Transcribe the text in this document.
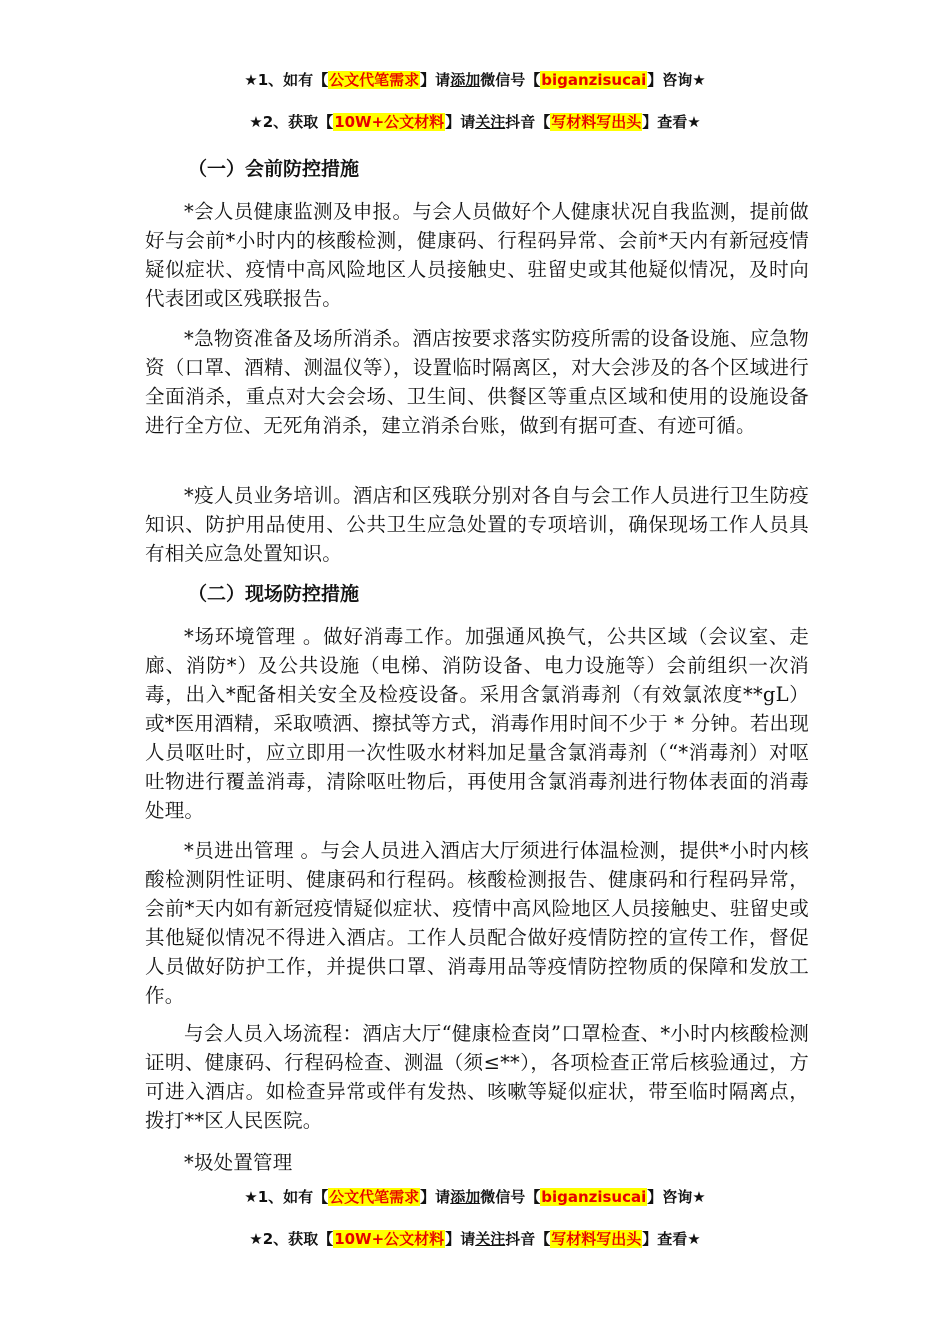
★1、如有【公文代笔需求】请添加微信号【biganzisucai】咨询★
★2、获取【10W+公文材料】请关注抖音【写材料写出头】查看★
（一）会前防控措施

*会人员健康监测及申报。与会人员做好个人健康状况自我监测，提前做好与会前*小时内的核酸检测，健康码、行程码异常、会前*天内有新冠疫情疑似症状、疫情中高风险地区人员接触史、驻留史或其他疑似情况，及时向代表团或区残联报告。

*急物资准备及场所消杀。酒店按要求落实防疫所需的设备设施、应急物资（口罩、酒精、测温仪等），设置临时隔离区，对大会涉及的各个区域进行全面消杀，重点对大会会场、卫生间、供餐区等重点区域和使用的设施设备进行全方位、无死角消杀，建立消杀台账，做到有据可查、有迹可循。

*疫人员业务培训。酒店和区残联分别对各自与会工作人员进行卫生防疫知识、防护用品使用、公共卫生应急处置的专项培训，确保现场工作人员具有相关应急处置知识。

（二）现场防控措施

*场环境管理 。做好消毒工作。加强通风换气，公共区域（会议室、走廊、消防*）及公共设施（电梯、消防设备、电力设施等）会前组织一次消毒，出入*配备相关安全及检疫设备。采用含氯消毒剂（有效氯浓度**gL）或*医用酒精，采取喷洒、擦拭等方式，消毒作用时间不少于 * 分钟。若出现人员呕吐时，应立即用一次性吸水材料加足量含氯消毒剂（“*消毒剂）对呕吐物进行覆盖消毒，清除呕吐物后，再使用含氯消毒剂进行物体表面的消毒处理。

*员进出管理 。与会人员进入酒店大厅须进行体温检测，提供*小时内核酸检测阴性证明、健康码和行程码。核酸检测报告、健康码和行程码异常，会前*天内如有新冠疫情疑似症状、疫情中高风险地区人员接触史、驻留史或其他疑似情况不得进入酒店。工作人员配合做好疫情防控的宣传工作，督促人员做好防护工作，并提供口罩、消毒用品等疫情防控物质的保障和发放工作。

与会人员入场流程：酒店大厅“健康检查岗”口罩检查、*小时内核酸检测证明、健康码、行程码检查、测温（须≤**），各项检查正常后核验通过，方可进入酒店。如检查异常或伴有发热、咳嗽等疑似症状，带至临时隔离点，拨打**区人民医院。

*圾处置管理

★1、如有【公文代笔需求】请添加微信号【biganzisucai】咨询★
★2、获取【10W+公文材料】请关注抖音【写材料写出头】查看★
